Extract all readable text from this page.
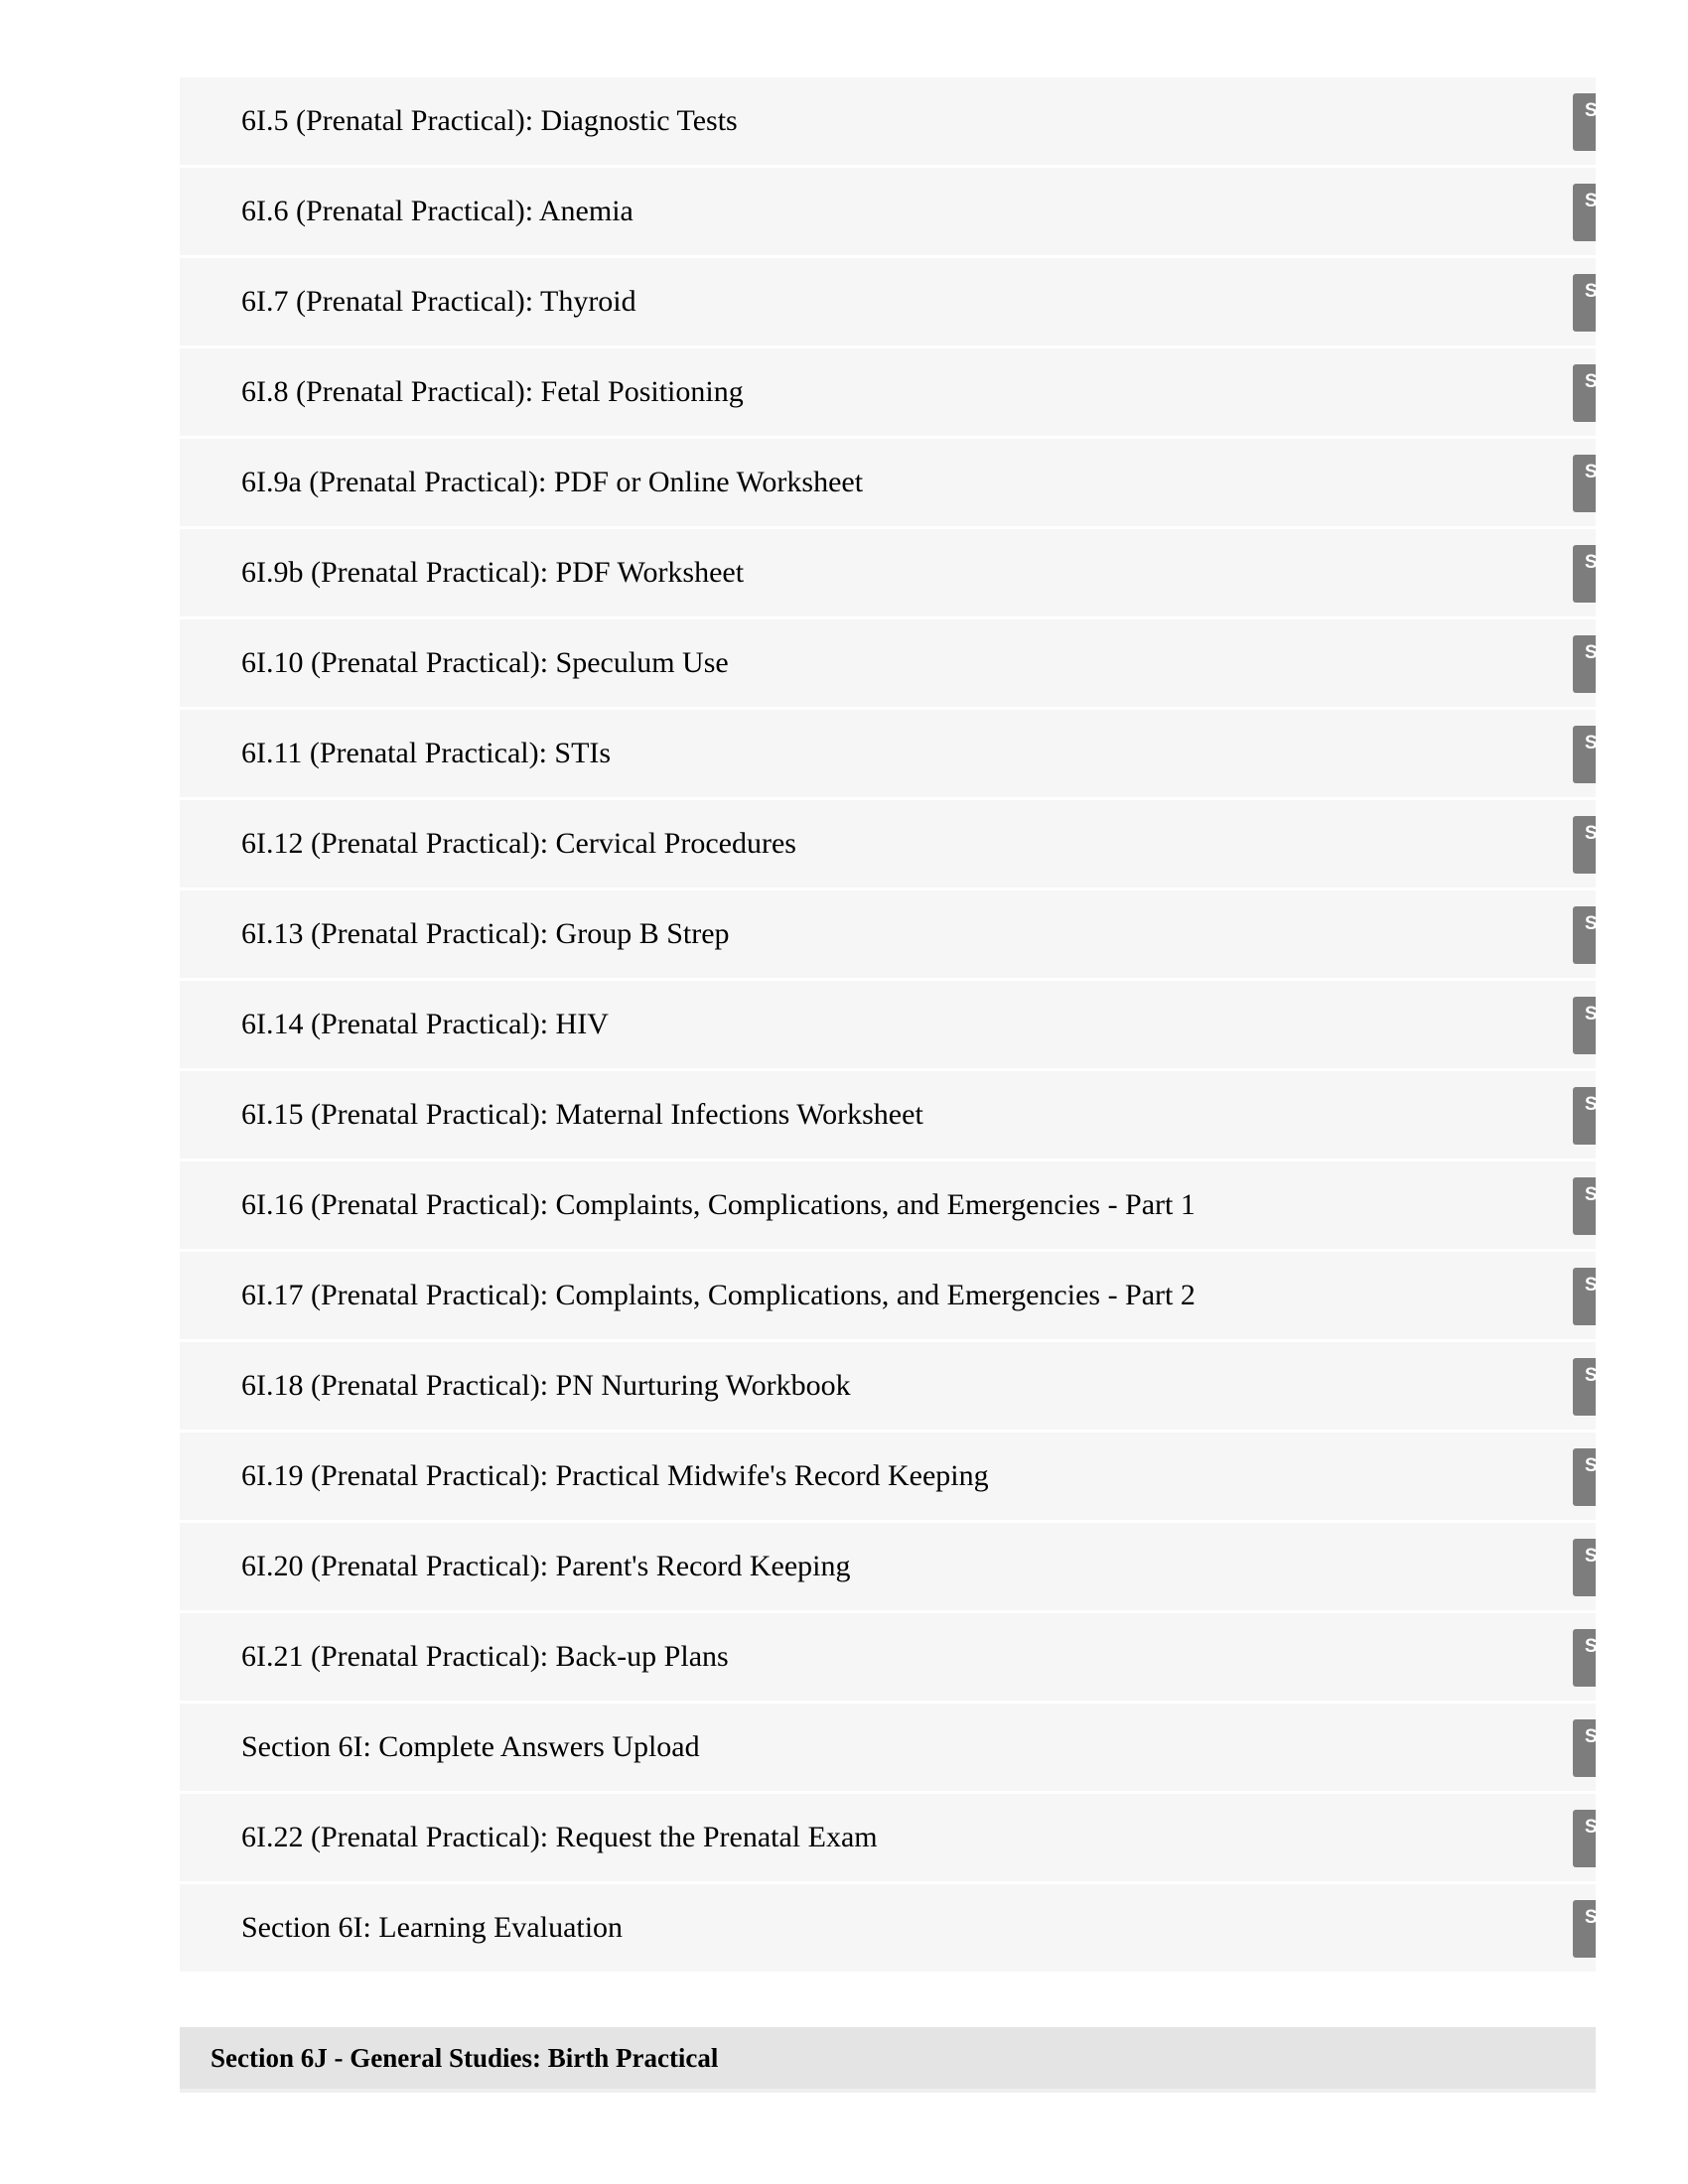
6I.5 (Prenatal Practical): Diagnostic Tests	Start
6I.6 (Prenatal Practical): Anemia	Start
6I.7 (Prenatal Practical): Thyroid	Start
6I.8 (Prenatal Practical): Fetal Positioning	Start
6I.9a (Prenatal Practical): PDF or Online Worksheet	Start
6I.9b (Prenatal Practical): PDF Worksheet	Start
6I.10 (Prenatal Practical): Speculum Use	Start
6I.11 (Prenatal Practical): STIs	Start
6I.12 (Prenatal Practical): Cervical Procedures	Start
6I.13 (Prenatal Practical): Group B Strep	Start
6I.14 (Prenatal Practical): HIV	Start
6I.15 (Prenatal Practical): Maternal Infections Worksheet	Start
6I.16 (Prenatal Practical): Complaints, Complications, and Emergencies - Part 1	Start
6I.17 (Prenatal Practical): Complaints, Complications, and Emergencies - Part 2	Start
6I.18 (Prenatal Practical): PN Nurturing Workbook	Start
6I.19 (Prenatal Practical): Practical Midwife's Record Keeping	Start
6I.20 (Prenatal Practical): Parent's Record Keeping	Start
6I.21 (Prenatal Practical): Back-up Plans	Start
Section 6I: Complete Answers Upload	Start
6I.22 (Prenatal Practical): Request the Prenatal Exam	Start
Section 6I: Learning Evaluation	Start
Section 6J - General Studies: Birth Practical
